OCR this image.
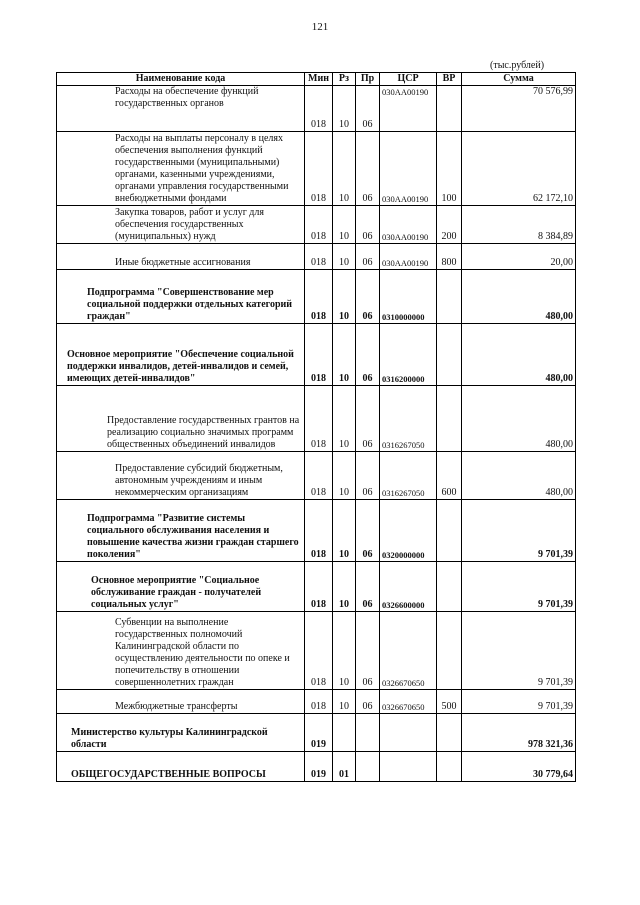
121
(тыс.рублей)
Наименование кода	Мин	Рз	Пр	ЦСР	ВР	Сумма

Расходы на обеспечение функций государственных органов	018	10	06	030АА00190		70 576,99

Расходы на выплаты персоналу в целях обеспечения выполнения функций государственными (муниципальными) органами, казенными учреждениями, органами управления государственными внебюджетными фондами	018	10	06	030АА00190	100	62 172,10

Закупка товаров, работ и услуг для обеспечения государственных (муниципальных) нужд	018	10	06	030АА00190	200	8 384,89

Иные бюджетные ассигнования	018	10	06	030АА00190	800	20,00

Подпрограмма "Совершенствование мер социальной поддержки отдельных категорий граждан"	018	10	06	0310000000		480,00

Основное мероприятие "Обеспечение социальной поддержки инвалидов, детей-инвалидов и семей, имеющих детей-инвалидов"	018	10	06	0316200000		480,00

Предоставление государственных грантов на реализацию социально значимых программ общественных объединений инвалидов	018	10	06	0316267050		480,00

Предоставление субсидий бюджетным, автономным учреждениям и иным некоммерческим организациям	018	10	06	0316267050	600	480,00

Подпрограмма "Развитие системы социального обслуживания населения и повышение качества жизни граждан старшего поколения"	018	10	06	0320000000		9 701,39

Основное мероприятие "Социальное обслуживание граждан - получателей социальных услуг"	018	10	06	0326600000		9 701,39

Субвенции на выполнение государственных полномочий Калининградской области по осуществлению деятельности по опеке и попечительству в отношении совершеннолетних граждан	018	10	06	0326670650		9 701,39

Межбюджетные трансферты	018	10	06	0326670650	500	9 701,39

Министерство культуры Калининградской области	019					978 321,36

ОБЩЕГОСУДАРСТВЕННЫЕ ВОПРОСЫ	019	01				30 779,64
